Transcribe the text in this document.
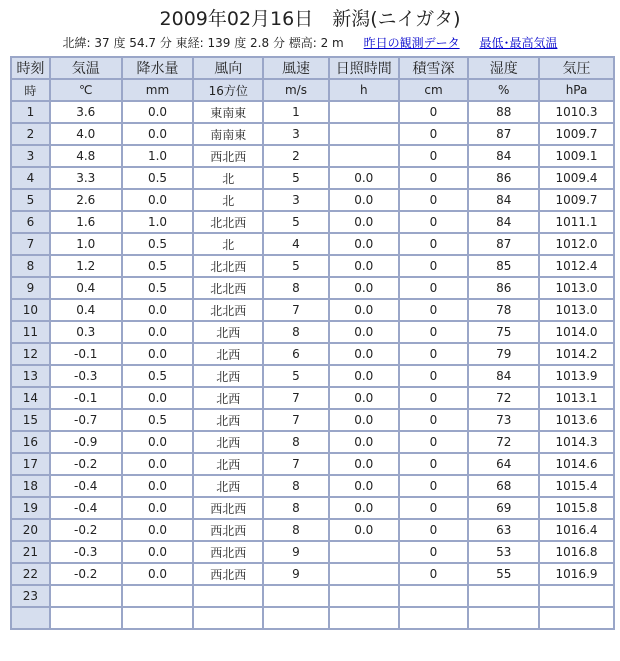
2009年02月16日　新潟(ニイガタ)
北緯: 37 度 54.7 分 東経: 139 度 2.8 分 標高: 2 m 昨日の観測データ 最低･最高気温
時刻	気温	降水量	風向	風速	日照時間	積雪深	湿度	気圧
時	℃	mm	16方位	m/s	h	cm	%	hPa
1	3.6	0.0	東南東	1		0	88	1010.3
2	4.0	0.0	南南東	3		0	87	1009.7
3	4.8	1.0	西北西	2		0	84	1009.1
4	3.3	0.5	北	5	0.0	0	86	1009.4
5	2.6	0.0	北	3	0.0	0	84	1009.7
6	1.6	1.0	北北西	5	0.0	0	84	1011.1
7	1.0	0.5	北	4	0.0	0	87	1012.0
8	1.2	0.5	北北西	5	0.0	0	85	1012.4
9	0.4	0.5	北北西	8	0.0	0	86	1013.0
10	0.4	0.0	北北西	7	0.0	0	78	1013.0
11	0.3	0.0	北西	8	0.0	0	75	1014.0
12	-0.1	0.0	北西	6	0.0	0	79	1014.2
13	-0.3	0.5	北西	5	0.0	0	84	1013.9
14	-0.1	0.0	北西	7	0.0	0	72	1013.1
15	-0.7	0.5	北西	7	0.0	0	73	1013.6
16	-0.9	0.0	北西	8	0.0	0	72	1014.3
17	-0.2	0.0	北西	7	0.0	0	64	1014.6
18	-0.4	0.0	北西	8	0.0	0	68	1015.4
19	-0.4	0.0	西北西	8	0.0	0	69	1015.8
20	-0.2	0.0	西北西	8	0.0	0	63	1016.4
21	-0.3	0.0	西北西	9		0	53	1016.8
22	-0.2	0.0	西北西	9		0	55	1016.9
23								
